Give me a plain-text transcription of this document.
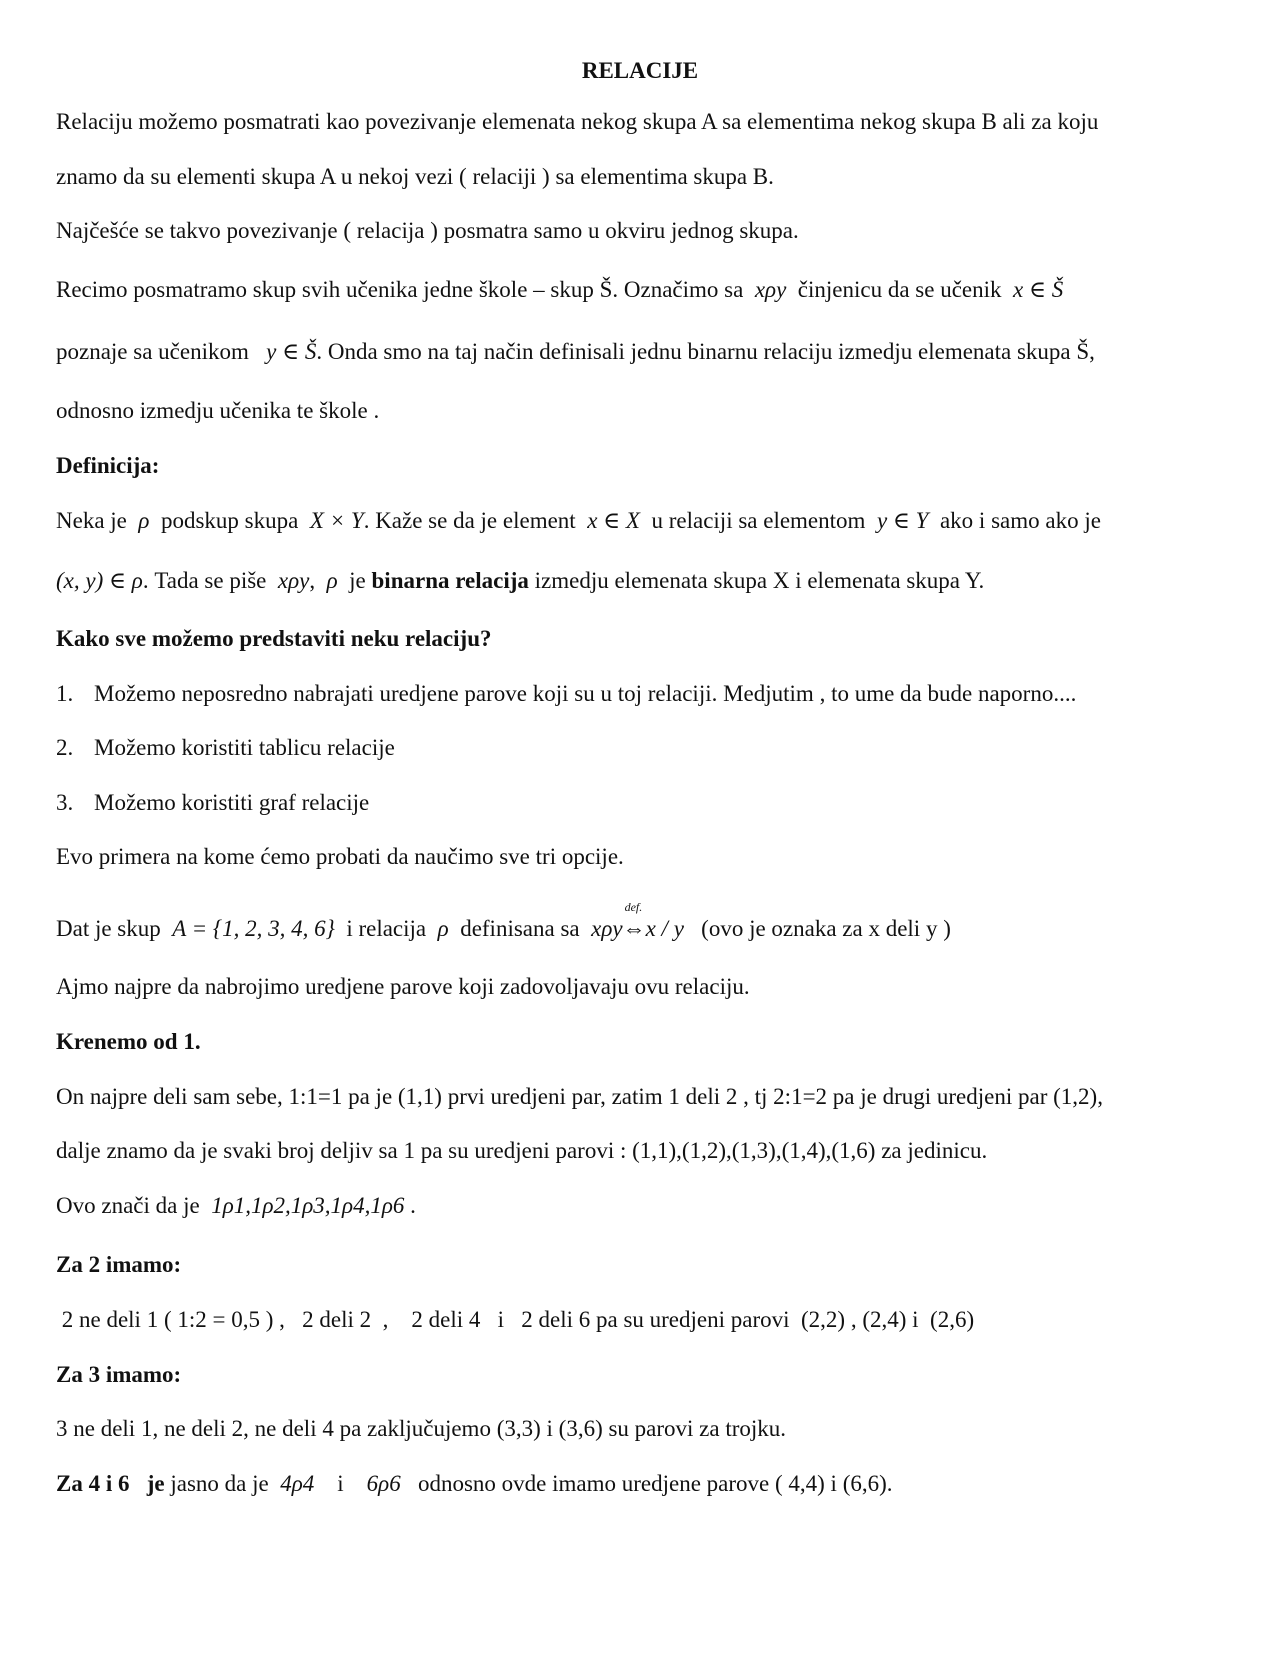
RELACIJE
Relaciju možemo posmatrati kao povezivanje elemenata nekog skupa A sa elementima nekog skupa B ali za koju
znamo da su elementi skupa A u nekoj vezi ( relaciji ) sa elementima skupa B.
Najčešće se takvo povezivanje ( relacija ) posmatra samo u okviru jednog skupa.
Recimo posmatramo skup svih učenika jedne škole – skup Š. Označimo sa xρy činjenicu da se učenik x ∈ Š
poznaje sa učenikom y ∈ Š. Onda smo na taj način definisali jednu binarnu relaciju izmedju elemenata skupa Š,
odnosno izmedju učenika te škole .
Definicija:
Neka je ρ podskup skupa X × Y. Kaže se da je element x ∈ X u relaciji sa elementom y ∈ Y ako i samo ako je
(x, y) ∈ ρ. Tada se piše xρy, ρ je binarna relacija izmedju elemenata skupa X i elemenata skupa Y.
Kako sve možemo predstaviti neku relaciju?
1. Možemo neposredno nabrajati uredjene parove koji su u toj relaciji. Medjutim , to ume da bude naporno....
2. Možemo koristiti tablicu relacije
3. Možemo koristiti graf relacije
Evo primera na kome ćemo probati da naučimo sve tri opcije.
Dat je skup A = {1, 2, 3, 4, 6} i relacija ρ definisana sa xρy
def.
⇔x / y (ovo je oznaka za x deli y )
Ajmo najpre da nabrojimo uredjene parove koji zadovoljavaju ovu relaciju.
Krenemo od 1.
On najpre deli sam sebe, 1:1=1 pa je (1,1) prvi uredjeni par, zatim 1 deli 2 , tj 2:1=2 pa je drugi uredjeni par (1,2),
dalje znamo da je svaki broj deljiv sa 1 pa su uredjeni parovi : (1,1),(1,2),(1,3),(1,4),(1,6) za jedinicu.
Ovo znači da je 1ρ1,1ρ2,1ρ3,1ρ4,1ρ6 .
Za 2 imamo:
2 ne deli 1 ( 1:2 = 0,5 ) ,   2 deli 2  ,    2 deli 4   i   2 deli 6 pa su uredjeni parovi  (2,2) , (2,4) i  (2,6)
Za 3 imamo:
3 ne deli 1, ne deli 2, ne deli 4 pa zaključujemo (3,3) i (3,6) su parovi za trojku.
Za 4 i 6   je jasno da je 4ρ4 i 6ρ6 odnosno ovde imamo uredjene parove ( 4,4) i (6,6).
